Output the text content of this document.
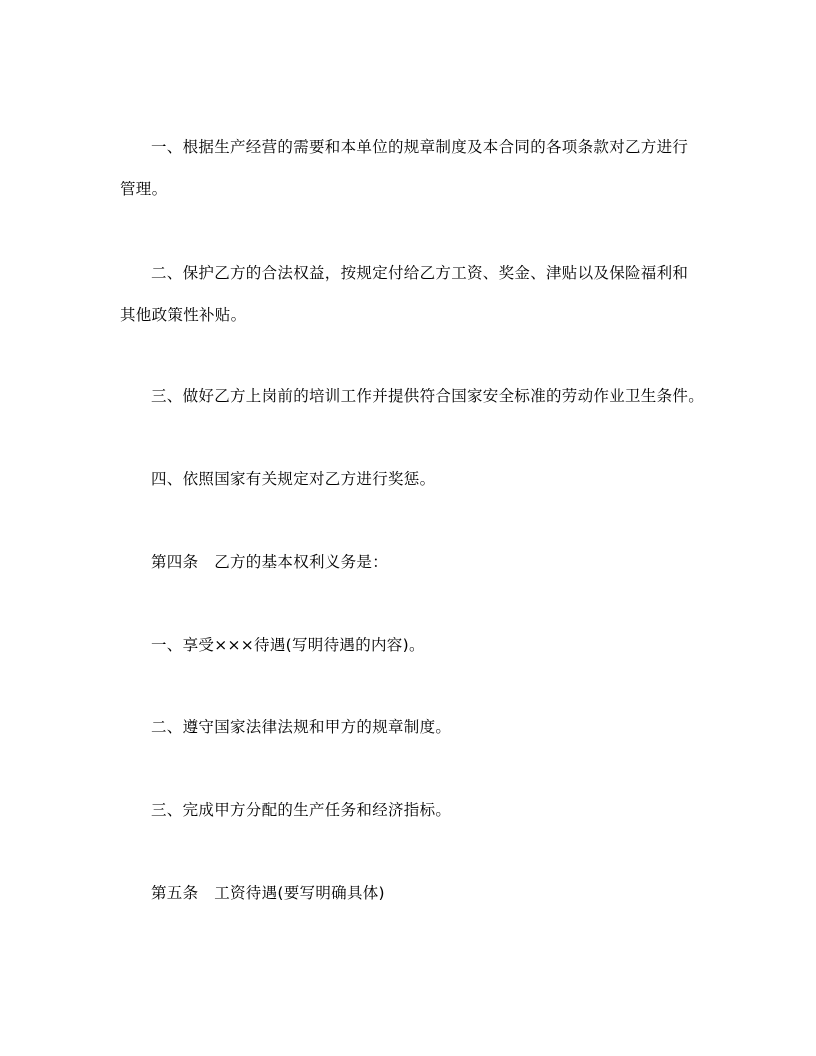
一、根据生产经营的需要和本单位的规章制度及本合同的各项条款对乙方进行

管理。

二、保护乙方的合法权益，按规定付给乙方工资、奖金、津贴以及保险福利和

其他政策性补贴。

三、做好乙方上岗前的培训工作并提供符合国家安全标准的劳动作业卫生条件。

四、依照国家有关规定对乙方进行奖惩。

第四条　乙方的基本权利义务是：

一、享受×××待遇(写明待遇的内容)。

二、遵守国家法律法规和甲方的规章制度。

三、完成甲方分配的生产任务和经济指标。

第五条　工资待遇(要写明确具体)
